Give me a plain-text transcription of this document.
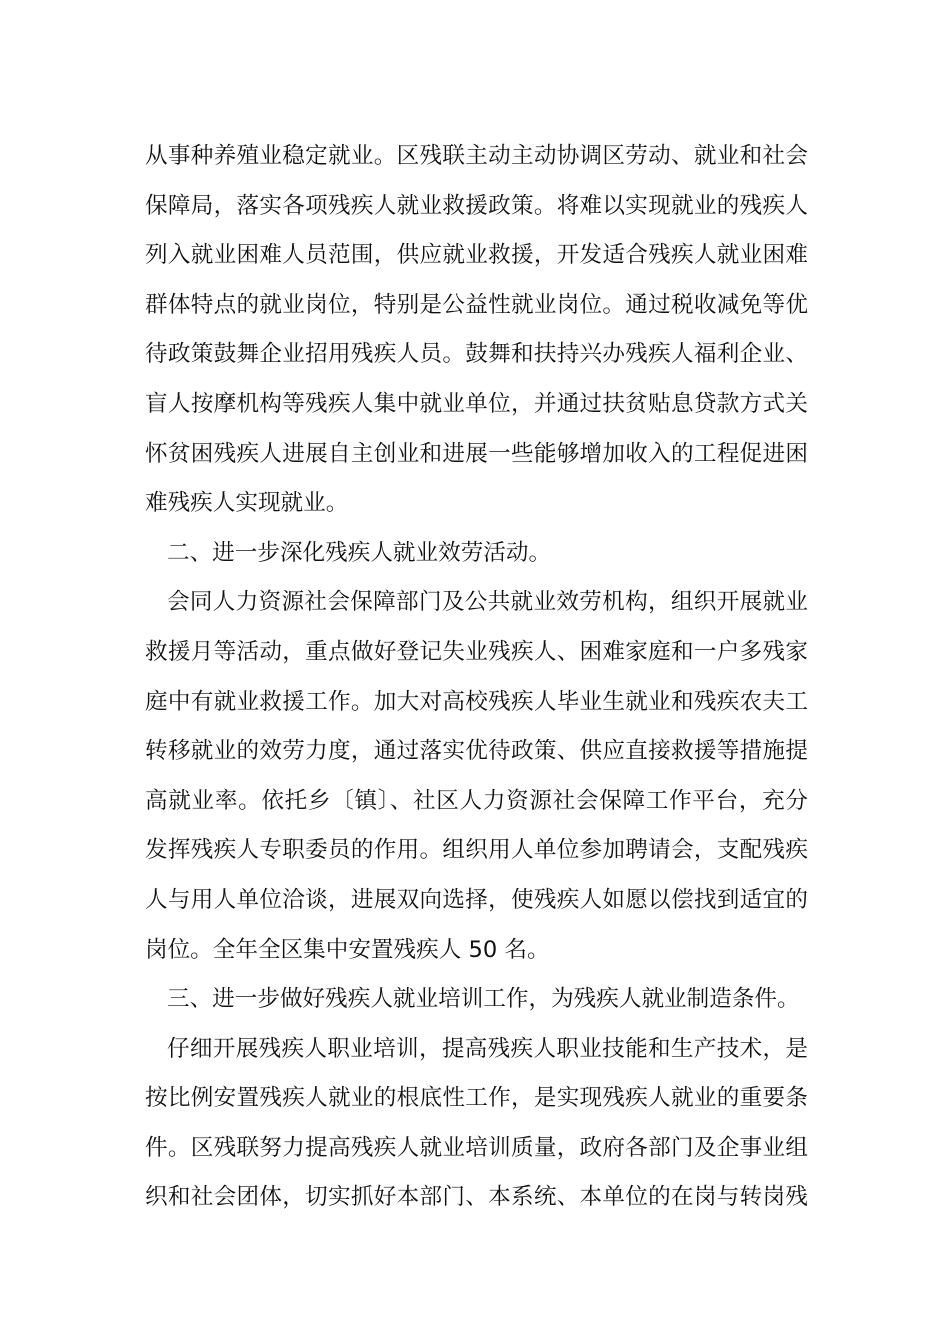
从事种养殖业稳定就业。区残联主动主动协调区劳动、就业和社会
保障局，落实各项残疾人就业救援政策。将难以实现就业的残疾人
列入就业困难人员范围，供应就业救援，开发适合残疾人就业困难
群体特点的就业岗位，特别是公益性就业岗位。通过税收减免等优
待政策鼓舞企业招用残疾人员。鼓舞和扶持兴办残疾人福利企业、
盲人按摩机构等残疾人集中就业单位，并通过扶贫贴息贷款方式关
怀贫困残疾人进展自主创业和进展一些能够增加收入的工程促进困
难残疾人实现就业。
二、进一步深化残疾人就业效劳活动。
会同人力资源社会保障部门及公共就业效劳机构，组织开展就业
救援月等活动，重点做好登记失业残疾人、困难家庭和一户多残家
庭中有就业救援工作。加大对高校残疾人毕业生就业和残疾农夫工
转移就业的效劳力度，通过落实优待政策、供应直接救援等措施提
高就业率。依托乡〔镇〕、社区人力资源社会保障工作平台，充分
发挥残疾人专职委员的作用。组织用人单位参加聘请会，支配残疾
人与用人单位洽谈，进展双向选择，使残疾人如愿以偿找到适宜的
岗位。全年全区集中安置残疾人 50 名。
三、进一步做好残疾人就业培训工作，为残疾人就业制造条件。
仔细开展残疾人职业培训，提高残疾人职业技能和生产技术，是
按比例安置残疾人就业的根底性工作，是实现残疾人就业的重要条
件。区残联努力提高残疾人就业培训质量，政府各部门及企事业组
织和社会团体，切实抓好本部门、本系统、本单位的在岗与转岗残
